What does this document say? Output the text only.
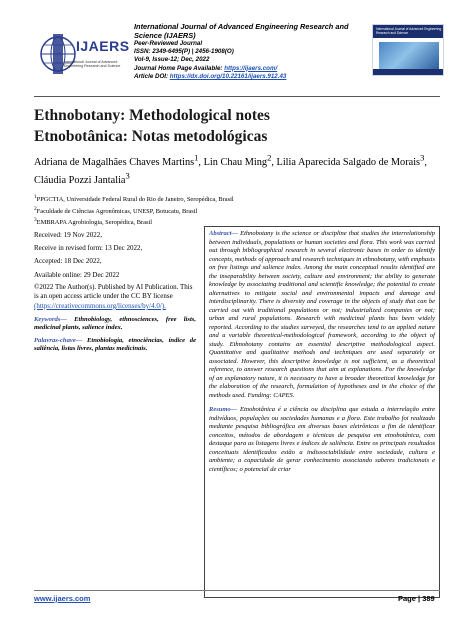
IJAERS
International Journal of Advanced Engineering Research and Science
International Journal of Advanced Engineering Research and Science (IJAERS)
Peer-Reviewed Journal
ISSN: 2349-6495(P) | 2456-1908(O)
Vol-9, Issue-12; Dec, 2022
Journal Home Page Available: https://ijaers.com/
Article DOI: https://dx.doi.org/10.22161/ijaers.912.43
International Journal of Advanced Engineering Research and Science
Ethnobotany: Methodological notes
Etnobotânica: Notas metodológicas
Adriana de Magalhães Chaves Martins$^1$, Lin Chau Ming$^2$, Lilia Aparecida Salgado de Morais$^3$, Cláudia Pozzi Jantalia$^3$
$^1$PPGCTIA, Universidade Federal Rural do Rio de Janeiro, Seropédica, Brasil
$^2$Faculdade de Ciências Agronômicas, UNESP, Botucatu, Brasil
$^3$EMBRAPA Agrobiologia, Seropédica, Brasil
Received: 19 Nov 2022,
Receive in revised form: 13 Dec 2022,
Accepted: 18 Dec 2022,
Available online: 29 Dec 2022
©2022 The Author(s). Published by AI Publication. This is an open access article under the CC BY license (https://creativecommons.org/licenses/by/4.0/).
Keywords— Ethnobiology, ethnosciences, free lists, medicinal plants, salience index.
Palavras-chave— Etnobiologia, etnociências, índice de saliência, listas livres, plantas medicinais.

Abstract— Ethnobotany is the science or discipline that studies the interrelationship between individuals, populations or human societies and flora. This work was carried out through bibliographical research in several electronic bases in order to identify concepts, methods of approach and research techniques in ethnobotany, with emphasis on free listings and salience index. Among the main conceptual results identified are the inseparability between society, culture and environment; the ability to generate knowledge by associating traditional and scientific knowledge; the potential to create alternatives to mitigate social and environmental impacts and damage and interdisciplinarity. There is diversity and coverage in the objects of study that can be carried out with traditional populations or not; industrialized companies or not; urban and rural populations. Research with medicinal plants has been widely reported. According to the studies surveyed, the researches tend to an applied nature and a variable theoretical-methodological framework, according to the object of study. Ethnobotany contains an essential descriptive methodological aspect. Quantitative and qualitative methods and techniques are used separately or associated. However, this descriptive knowledge is not sufficient, as a theoretical reference, to answer research questions that aim at explanations. For the knowledge of an explanatory nature, it is necessary to have a broader theoretical knowledge for the elaboration of the research, formulation of hypotheses and in the choice of the methods used. Funding: CAPES.

Resumo— Etnobotânica é a ciência ou disciplina que estuda a interrelação entre indivíduos, populações ou sociedades humanas e a flora. Este trabalho foi realizado mediante pesquisa bibliográfica em diversas bases eletrônicas a fim de identificar conceitos, métodos de abordagem e técnicas de pesquisa em etnobotânica, com destaque para as listagens livres e índices de saliência. Entre os principais resultados conceituais identificados estão a indissociabilidade entre sociedade, cultura e ambiente; a capacidade de gerar conhecimento associando saberes tradicionais e científicos; o potencial de criar

www.ijaers.com	Page | 389
